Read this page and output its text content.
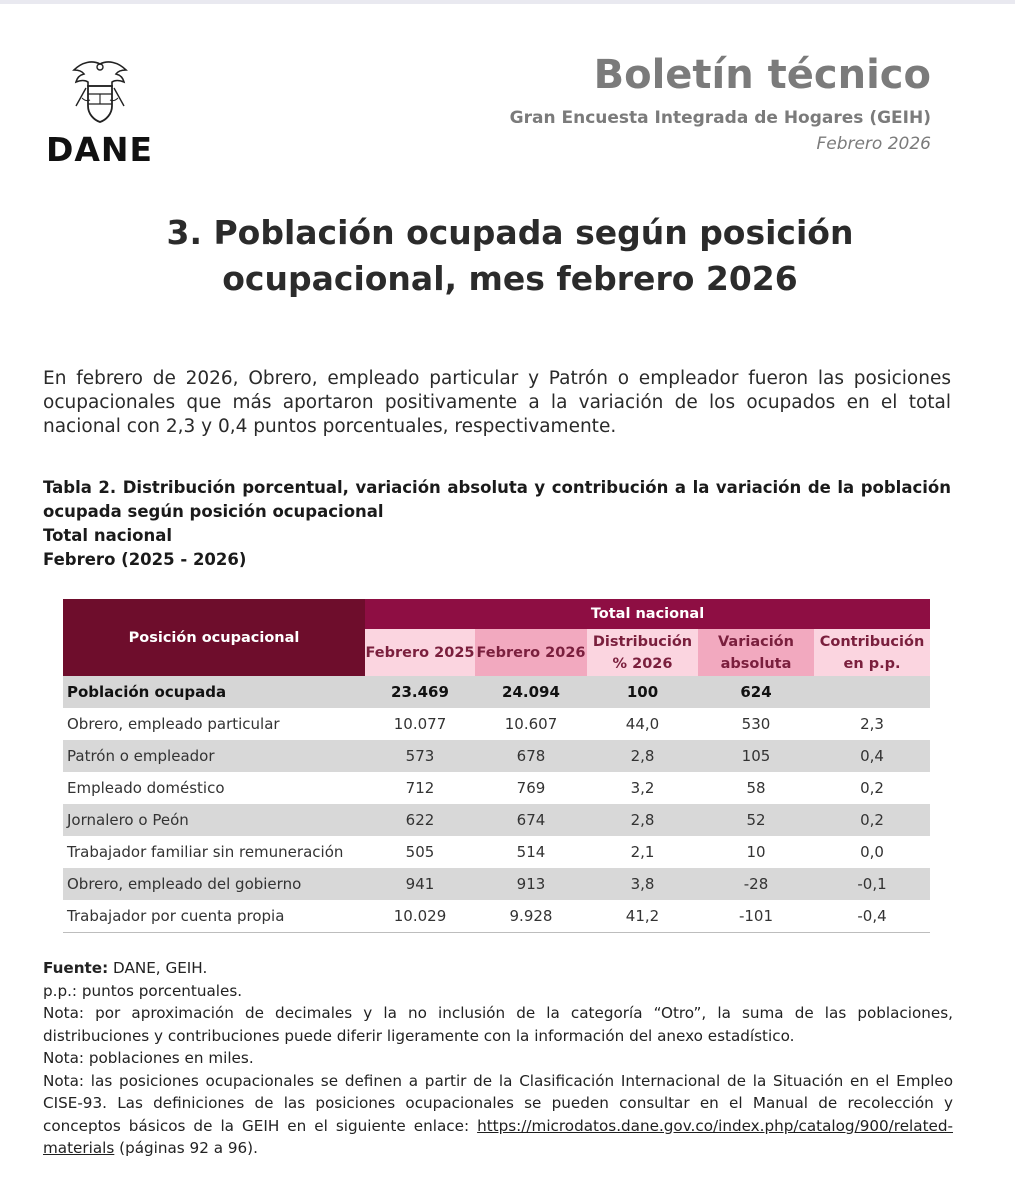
DANE
Boletín técnico
Gran Encuesta Integrada de Hogares (GEIH)
Febrero 2026
3. Población ocupada según posición
ocupacional, mes febrero 2026
En febrero de 2026, Obrero, empleado particular y Patrón o empleador fueron las posiciones ocupacionales que más aportaron positivamente a la variación de los ocupados en el total nacional con 2,3 y 0,4 puntos porcentuales, respectivamente.
Tabla 2. Distribución porcentual, variación absoluta y contribución a la variación de la población ocupada según posición ocupacional
Total nacional
Febrero (2025 - 2026)
Posición ocupacional	Total nacional				
	Febrero 2025	Febrero 2026	Distribución % 2026	Variación absoluta	Contribución en p.p.
Población ocupada	23.469	24.094	100	624	
Obrero, empleado particular	10.077	10.607	44,0	530	2,3
Patrón o empleador	573	678	2,8	105	0,4
Empleado doméstico	712	769	3,2	58	0,2
Jornalero o Peón	622	674	2,8	52	0,2
Trabajador familiar sin remuneración	505	514	2,1	10	0,0
Obrero, empleado del gobierno	941	913	3,8	-28	-0,1
Trabajador por cuenta propia	10.029	9.928	41,2	-101	-0,4

Fuente: DANE, GEIH.

p.p.: puntos porcentuales.

Nota: por aproximación de decimales y la no inclusión de la categoría “Otro”, la suma de las poblaciones, distribuciones y contribuciones puede diferir ligeramente con la información del anexo estadístico.

Nota: poblaciones en miles.

Nota: las posiciones ocupacionales se definen a partir de la Clasificación Internacional de la Situación en el Empleo CISE-93. Las definiciones de las posiciones ocupacionales se pueden consultar en el Manual de recolección y conceptos básicos de la GEIH en el siguiente enlace: https://microdatos.dane.gov.co/index.php/catalog/900/related-materials (páginas 92 a 96).
